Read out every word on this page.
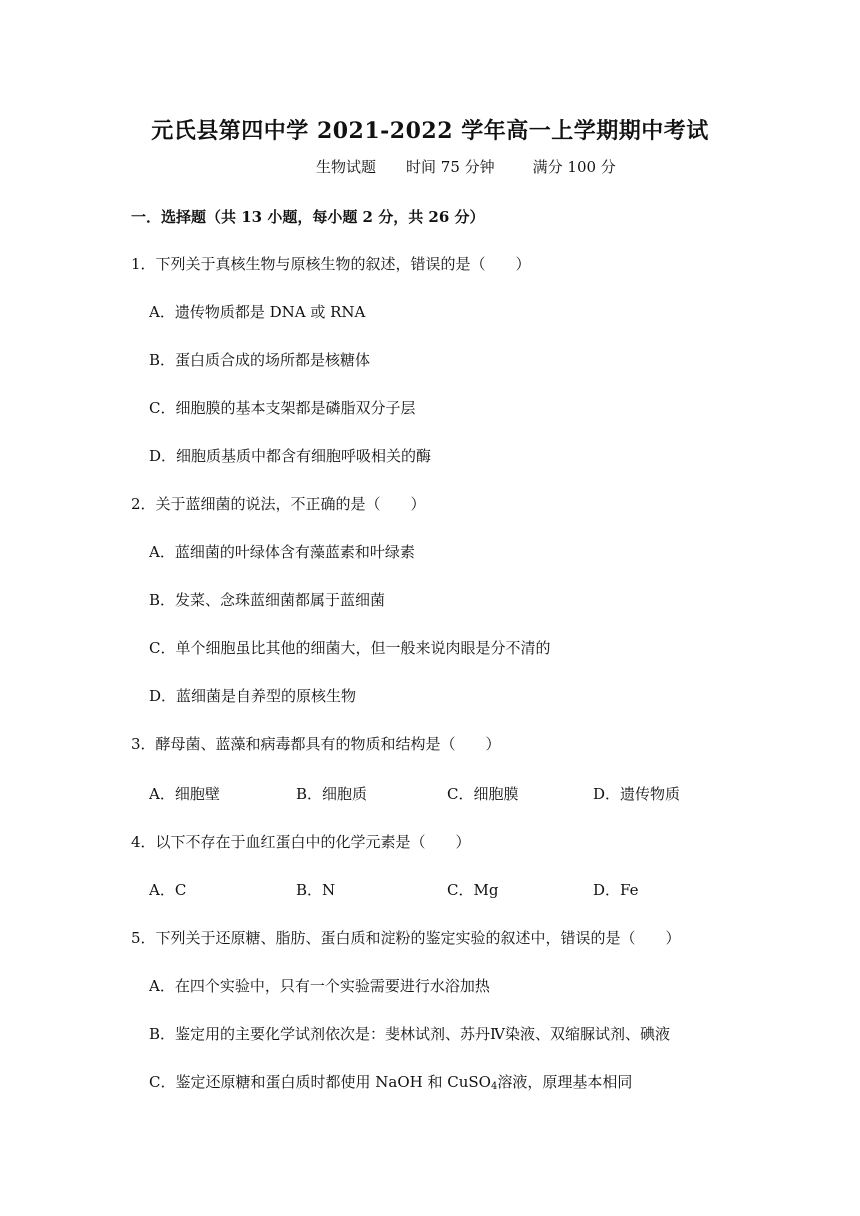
元氏县第四中学 2021-2022 学年高一上学期期中考试
生物试题 时间 75 分钟	满分 100 分
一．选择题（共 13 小题，每小题 2 分，共 26 分）
1．下列关于真核生物与原核生物的叙述，错误的是（　　）
A．遗传物质都是 DNA 或 RNA
B．蛋白质合成的场所都是核糖体
C．细胞膜的基本支架都是磷脂双分子层
D．细胞质基质中都含有细胞呼吸相关的酶
2．关于蓝细菌的说法，不正确的是（　　）
A．蓝细菌的叶绿体含有藻蓝素和叶绿素
B．发菜、念珠蓝细菌都属于蓝细菌
C．单个细胞虽比其他的细菌大，但一般来说肉眼是分不清的
D．蓝细菌是自养型的原核生物
3．酵母菌、蓝藻和病毒都具有的物质和结构是（　　）
A．细胞壁	B．细胞质	C．细胞膜	D．遗传物质
4．以下不存在于血红蛋白中的化学元素是（　　）
A．C	B．N	C．Mg	D．Fe
5．下列关于还原糖、脂肪、蛋白质和淀粉的鉴定实验的叙述中，错误的是（　　）
A．在四个实验中，只有一个实验需要进行水浴加热
B．鉴定用的主要化学试剂依次是：斐林试剂、苏丹Ⅳ染液、双缩脲试剂、碘液
C．鉴定还原糖和蛋白质时都使用 NaOH 和 CuSO$_4$溶液，原理基本相同
